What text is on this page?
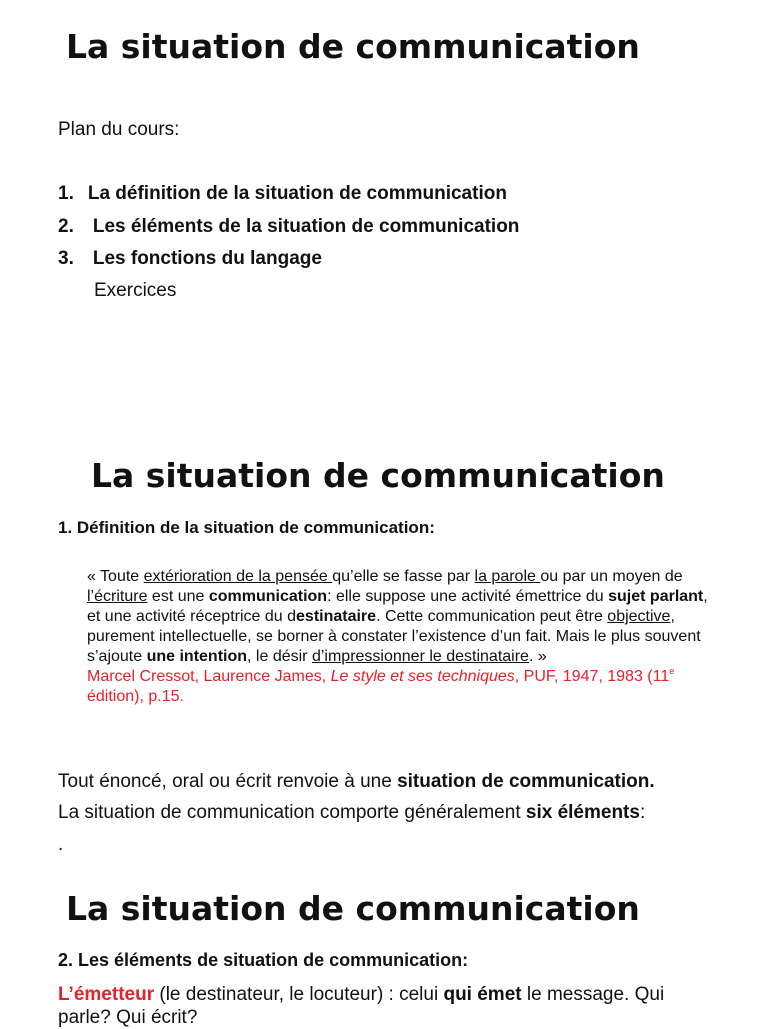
La situation de communication
Plan du cours:
1. La définition de la situation de communication
2. Les éléments de la situation de communication
3. Les fonctions du langage
Exercices
La situation de communication
1. Définition de la situation de communication:
« Toute extérioration de la pensée qu’elle se fasse par la parole ou par un moyen de l’écriture est une communication: elle suppose une activité émettrice du sujet parlant, et une activité réceptrice du destinataire. Cette communication peut être objective, purement intellectuelle, se borner à constater l’existence d’un fait. Mais le plus souvent s’ajoute une intention, le désir d’impressionner le destinataire. »
Marcel Cressot, Laurence James, Le style et ses techniques, PUF, 1947, 1983 (11e édition), p.15.
Tout énoncé, oral ou écrit renvoie à une situation de communication.
La situation de communication comporte généralement six éléments:
.
La situation de communication
2. Les éléments de situation de communication:
L’émetteur (le destinateur, le locuteur) : celui qui émet le message. Qui parle? Qui écrit?
